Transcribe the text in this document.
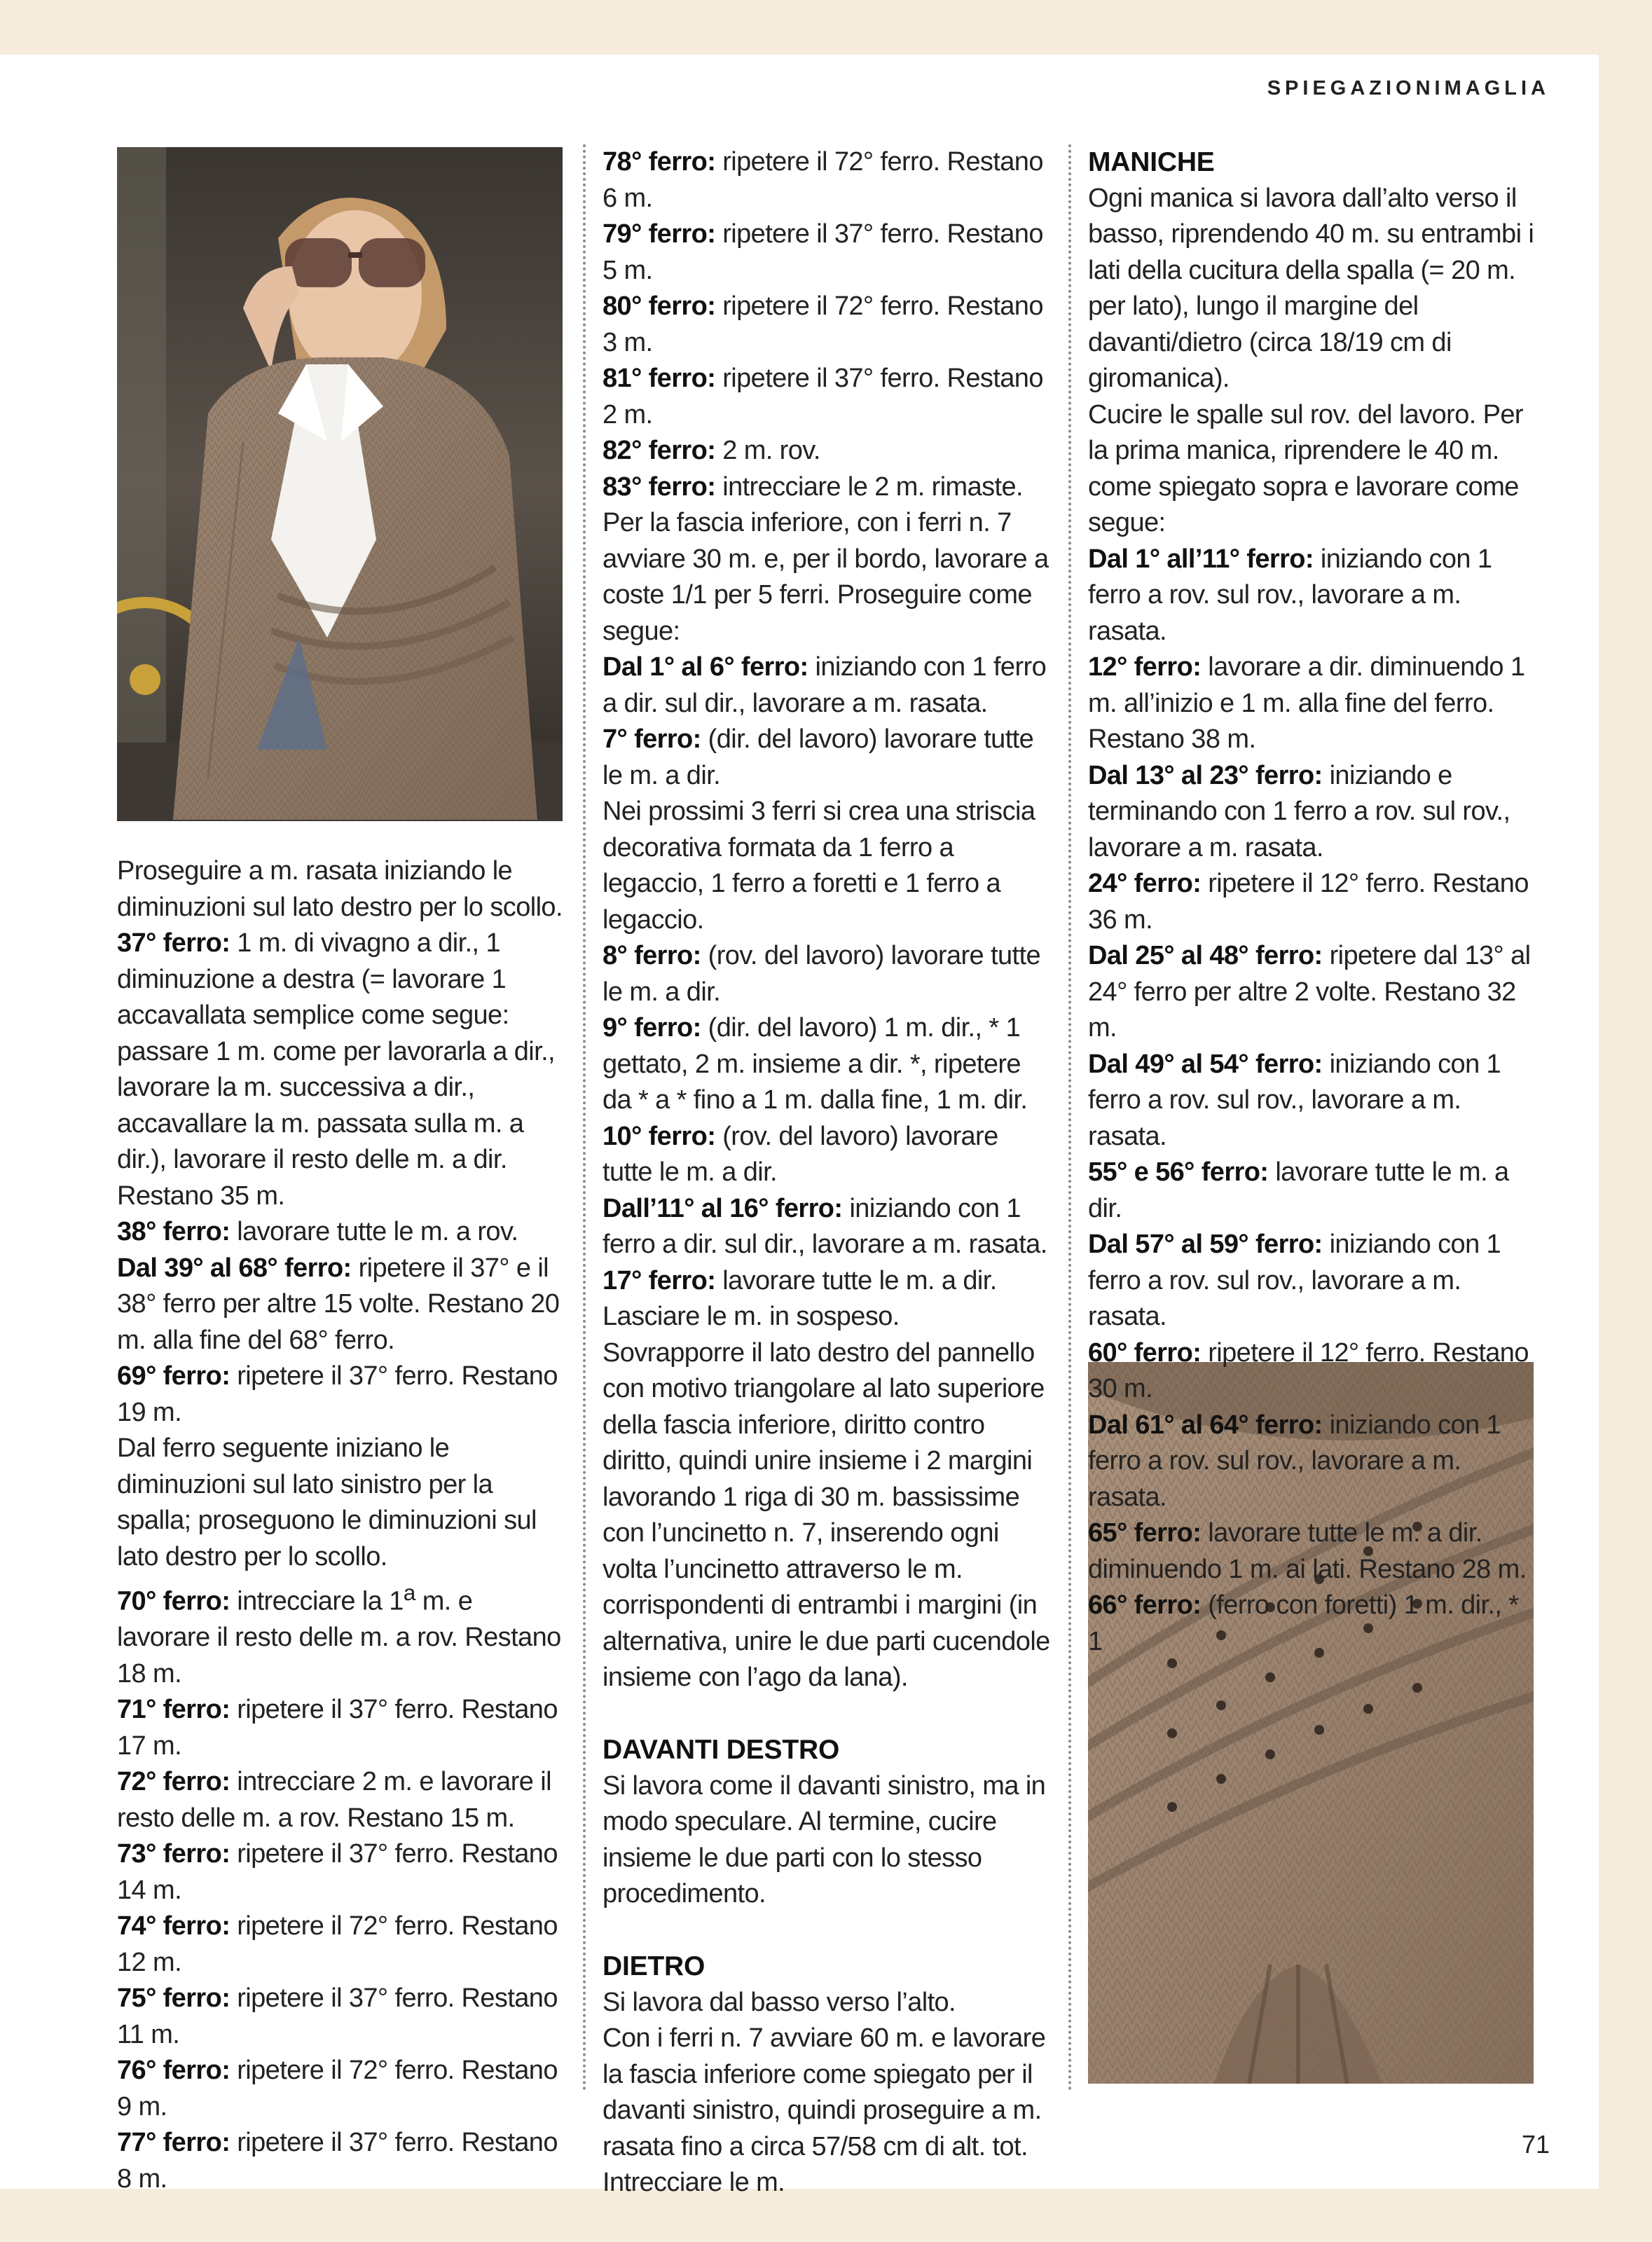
SPIEGAZIONIMAGLIA

Proseguire a m. rasata iniziando le diminuzioni sul lato destro per lo scollo.

37° ferro: 1 m. di vivagno a dir., 1 diminuzione a destra (= lavorare 1 accavallata semplice come segue: passare 1 m. come per lavorarla a dir., lavorare la m. successiva a dir., accavallare la m. passata sulla m. a dir.), lavorare il resto delle m. a dir. Restano 35 m.

38° ferro: lavorare tutte le m. a rov.

Dal 39° al 68° ferro: ripetere il 37° e il 38° ferro per altre 15 volte. Restano 20 m. alla fine del 68° ferro.

69° ferro: ripetere il 37° ferro. Restano 19 m.

Dal ferro seguente iniziano le diminuzioni sul lato sinistro per la spalla; proseguono le diminuzioni sul lato destro per lo scollo.

70° ferro: intrecciare la 1$^a$ m. e lavorare il resto delle m. a rov. Restano 18 m.

71° ferro: ripetere il 37° ferro. Restano 17 m.

72° ferro: intrecciare 2 m. e lavorare il resto delle m. a rov. Restano 15 m.

73° ferro: ripetere il 37° ferro. Restano 14 m.

74° ferro: ripetere il 72° ferro. Restano 12 m.

75° ferro: ripetere il 37° ferro. Restano 11 m.

76° ferro: ripetere il 72° ferro. Restano 9 m.

77° ferro: ripetere il 37° ferro. Restano 8 m.

78° ferro: ripetere il 72° ferro. Restano 6 m.

79° ferro: ripetere il 37° ferro. Restano 5 m.

80° ferro: ripetere il 72° ferro. Restano 3 m.

81° ferro: ripetere il 37° ferro. Restano 2 m.

82° ferro: 2 m. rov.

83° ferro: intrecciare le 2 m. rimaste.

Per la fascia inferiore, con i ferri n. 7 avviare 30 m. e, per il bordo, lavorare a coste 1/1 per 5 ferri. Proseguire come segue:

Dal 1° al 6° ferro: iniziando con 1 ferro a dir. sul dir., lavorare a m. rasata.

7° ferro: (dir. del lavoro) lavorare tutte le m. a dir.

Nei prossimi 3 ferri si crea una striscia decorativa formata da 1 ferro a legaccio, 1 ferro a foretti e 1 ferro a legaccio.

8° ferro: (rov. del lavoro) lavorare tutte le m. a dir.

9° ferro: (dir. del lavoro) 1 m. dir., * 1 gettato, 2 m. insieme a dir. *, ripetere da * a * fino a 1 m. dalla fine, 1 m. dir.

10° ferro: (rov. del lavoro) lavorare tutte le m. a dir.

Dall’11° al 16° ferro: iniziando con 1 ferro a dir. sul dir., lavorare a m. rasata.

17° ferro: lavorare tutte le m. a dir.

Lasciare le m. in sospeso.

Sovrapporre il lato destro del pannello con motivo triangolare al lato superiore della fascia inferiore, diritto contro diritto, quindi unire insieme i 2 margini lavorando 1 riga di 30 m. bassissime con l’uncinetto n. 7, inserendo ogni volta l’uncinetto attraverso le m. corrispondenti di entrambi i margini (in alternativa, unire le due parti cucendole insieme con l’ago da lana).

DAVANTI DESTRO

Si lavora come il davanti sinistro, ma in modo speculare. Al termine, cucire insieme le due parti con lo stesso procedimento.

DIETRO

Si lavora dal basso verso l’alto.

Con i ferri n. 7 avviare 60 m. e lavorare la fascia inferiore come spiegato per il davanti sinistro, quindi proseguire a m. rasata fino a circa 57/58 cm di alt. tot. Intrecciare le m.

MANICHE

Ogni manica si lavora dall’alto verso il basso, riprendendo 40 m. su entrambi i lati della cucitura della spalla (= 20 m. per lato), lungo il margine del davanti/dietro (circa 18/19 cm di giromanica).

Cucire le spalle sul rov. del lavoro. Per la prima manica, riprendere le 40 m. come spiegato sopra e lavorare come segue:

Dal 1° all’11° ferro: iniziando con 1 ferro a rov. sul rov., lavorare a m. rasata.

12° ferro: lavorare a dir. diminuendo 1 m. all’inizio e 1 m. alla fine del ferro. Restano 38 m.

Dal 13° al 23° ferro: iniziando e terminando con 1 ferro a rov. sul rov., lavorare a m. rasata.

24° ferro: ripetere il 12° ferro. Restano 36 m.

Dal 25° al 48° ferro: ripetere dal 13° al 24° ferro per altre 2 volte. Restano 32 m.

Dal 49° al 54° ferro: iniziando con 1 ferro a rov. sul rov., lavorare a m. rasata.

55° e 56° ferro: lavorare tutte le m. a dir.

Dal 57° al 59° ferro: iniziando con 1 ferro a rov. sul rov., lavorare a m. rasata.

60° ferro: ripetere il 12° ferro. Restano 30 m.

Dal 61° al 64° ferro: iniziando con 1 ferro a rov. sul rov., lavorare a m. rasata.

65° ferro: lavorare tutte le m. a dir. diminuendo 1 m. ai lati. Restano 28 m.

66° ferro: (ferro con foretti) 1 m. dir., * 1

71
